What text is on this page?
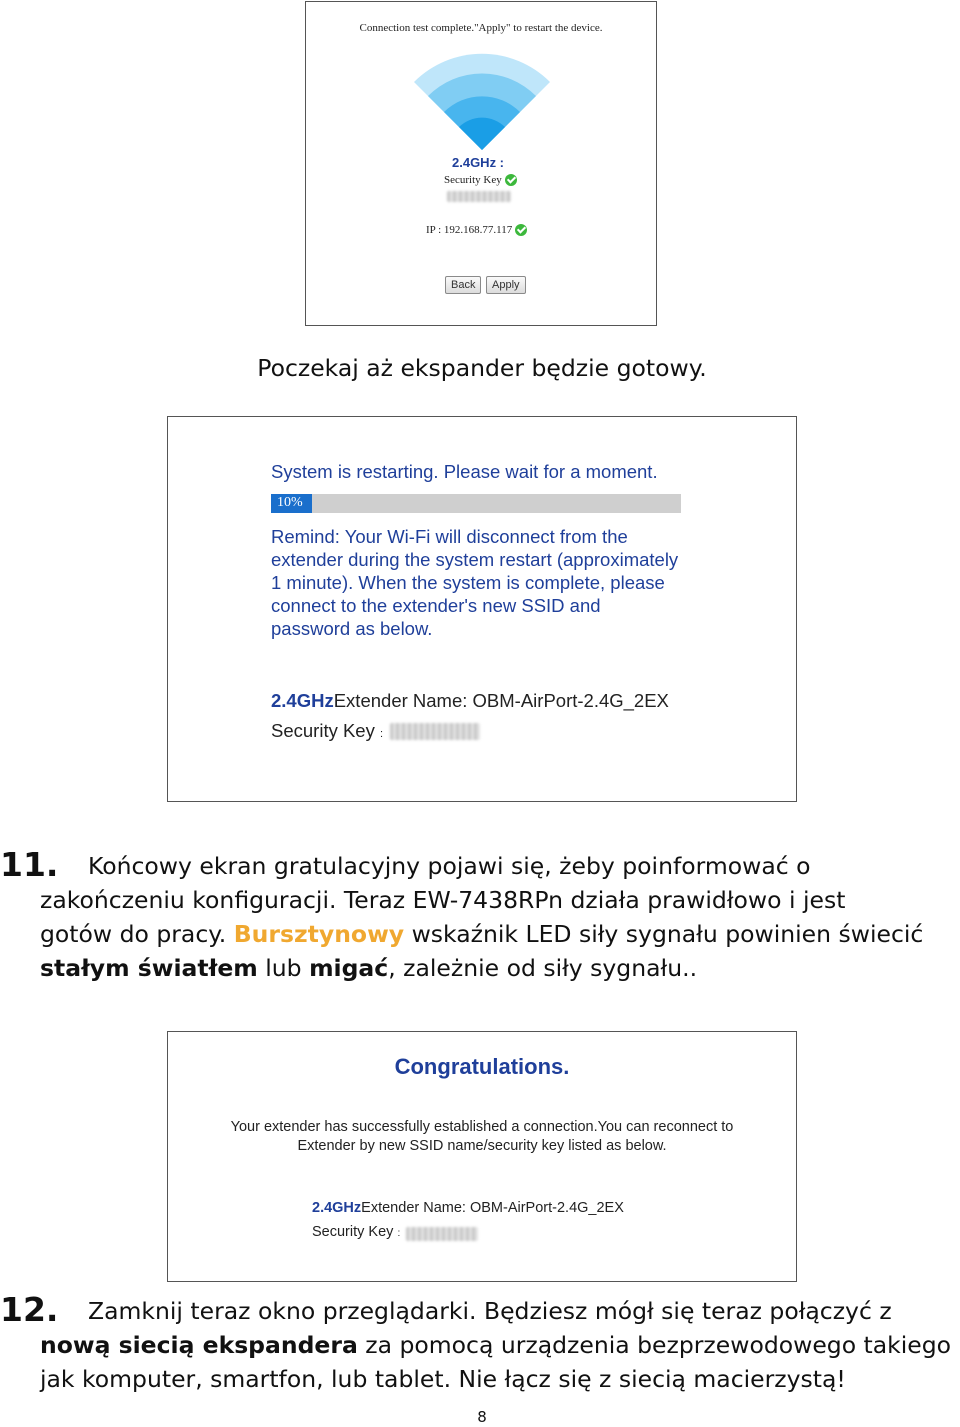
Connection test complete."Apply" to restart the device.
2.4GHz :
Security Key
IP : 192.168.77.117
Back	Apply
Poczekaj aż ekspander będzie gotowy.
System is restarting. Please wait for a moment.
10%
Remind: Your Wi-Fi will disconnect from the
extender during the system restart (approximately
1 minute). When the system is complete, please
connect to the extender's new SSID and
password as below.
2.4GHzExtender Name: OBM-AirPort-2.4G_2EX
Security Key :
11. Końcowy ekran gratulacyjny pojawi się, żeby poinformować o
zakończeniu konfiguracji. Teraz EW-7438RPn działa prawidłowo i jest
gotów do pracy. Bursztynowy wskaźnik LED siły sygnału powinien świecić
stałym światłem lub migać, zależnie od siły sygnału..
Congratulations.
Your extender has successfully established a connection.You can reconnect to
Extender by new SSID name/security key listed as below.
2.4GHzExtender Name: OBM-AirPort-2.4G_2EX
Security Key :
12. Zamknij teraz okno przeglądarki. Będziesz mógł się teraz połączyć z
nową siecią ekspandera za pomocą urządzenia bezprzewodowego takiego
jak komputer, smartfon, lub tablet. Nie łącz się z siecią macierzystą!
8
